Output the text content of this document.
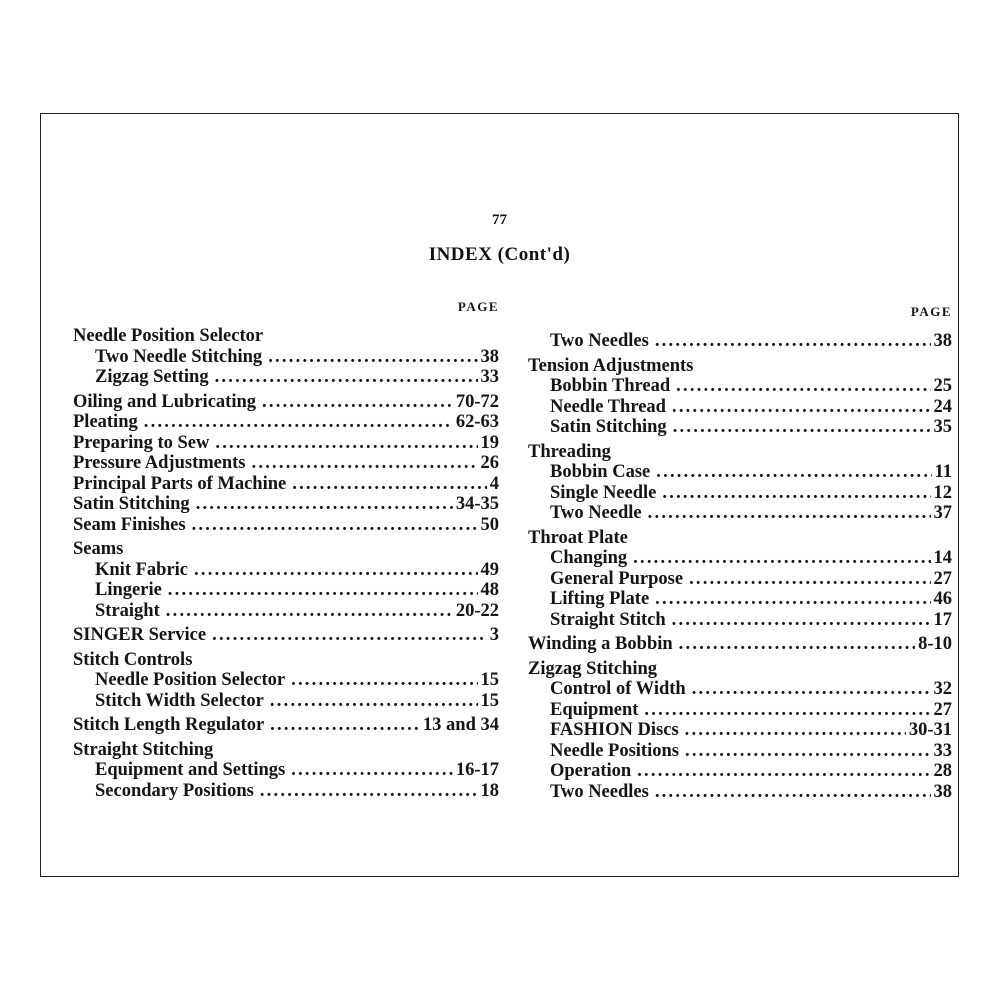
77
INDEX (Cont'd)
PAGE
Needle Position Selector
Two Needle Stitching . . .	38
Zigzag Setting . . .	33
Oiling and Lubricating . . .	70-72
Pleating . . .	62-63
Preparing to Sew . . .	19
Pressure Adjustments . . .	26
Principal Parts of Machine . . .	4
Satin Stitching . . .	34-35
Seam Finishes . . .	50
Seams
Knit Fabric . . .	49
Lingerie . . .	48
Straight . . .	20-22
SINGER Service . . .	3
Stitch Controls
Needle Position Selector . . .	15
Stitch Width Selector . . .	15
Stitch Length Regulator . . .	13 and 34
Straight Stitching
Equipment and Settings . . .	16-17
Secondary Positions . . .	18
PAGE
Two Needles . . .	38
Tension Adjustments
Bobbin Thread . . .	25
Needle Thread . . .	24
Satin Stitching . . .	35
Threading
Bobbin Case . . .	11
Single Needle . . .	12
Two Needle . . .	37
Throat Plate
Changing . . .	14
General Purpose . . .	27
Lifting Plate . . .	46
Straight Stitch . . .	17
Winding a Bobbin . . .	8-10
Zigzag Stitching
Control of Width . . .	32
Equipment . . .	27
FASHION Discs . . .	30-31
Needle Positions . . .	33
Operation . . .	28
Two Needles . . .	38
